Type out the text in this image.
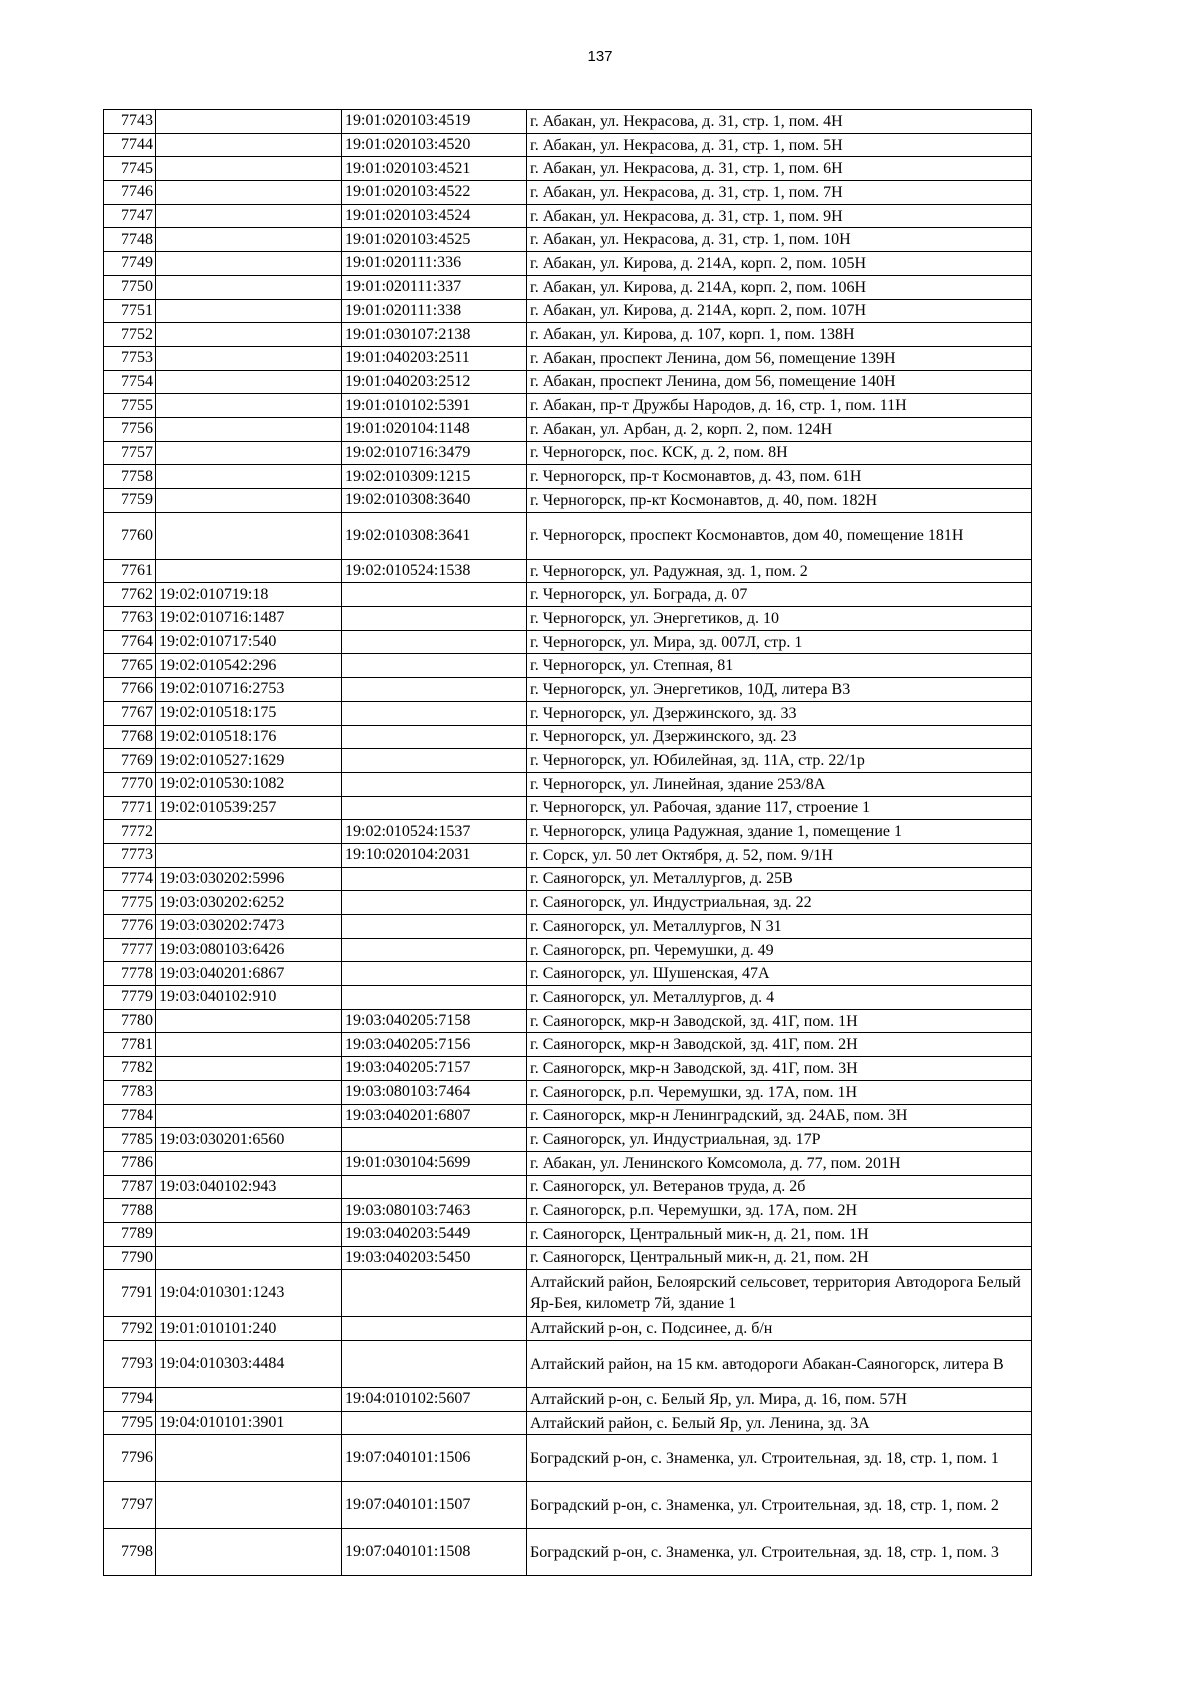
137
7743		19:01:020103:4519	г. Абакан, ул. Некрасова, д. 31, стр. 1, пом. 4Н
7744		19:01:020103:4520	г. Абакан, ул. Некрасова, д. 31, стр. 1, пом. 5Н
7745		19:01:020103:4521	г. Абакан, ул. Некрасова, д. 31, стр. 1, пом. 6Н
7746		19:01:020103:4522	г. Абакан, ул. Некрасова, д. 31, стр. 1, пом. 7Н
7747		19:01:020103:4524	г. Абакан, ул. Некрасова, д. 31, стр. 1, пом. 9Н
7748		19:01:020103:4525	г. Абакан, ул. Некрасова, д. 31, стр. 1, пом. 10Н
7749		19:01:020111:336	г. Абакан, ул. Кирова, д. 214А, корп. 2, пом. 105Н
7750		19:01:020111:337	г. Абакан, ул. Кирова, д. 214А, корп. 2, пом. 106Н
7751		19:01:020111:338	г. Абакан, ул. Кирова, д. 214А, корп. 2, пом. 107Н
7752		19:01:030107:2138	г. Абакан, ул. Кирова, д. 107, корп. 1, пом. 138Н
7753		19:01:040203:2511	г. Абакан, проспект Ленина, дом 56, помещение 139Н
7754		19:01:040203:2512	г. Абакан, проспект Ленина, дом 56, помещение 140Н
7755		19:01:010102:5391	г. Абакан, пр-т Дружбы Народов, д. 16, стр. 1, пом. 11Н
7756		19:01:020104:1148	г. Абакан, ул. Арбан, д. 2, корп. 2, пом. 124Н
7757		19:02:010716:3479	г. Черногорск, пос. КСК, д. 2, пом. 8Н
7758		19:02:010309:1215	г. Черногорск, пр-т Космонавтов, д. 43, пом. 61Н
7759		19:02:010308:3640	г. Черногорск, пр-кт Космонавтов, д. 40, пом. 182Н
7760		19:02:010308:3641	г. Черногорск, проспект Космонавтов, дом 40, помещение 181Н
7761		19:02:010524:1538	г. Черногорск, ул. Радужная, зд. 1, пом. 2
7762	19:02:010719:18		г. Черногорск, ул. Бограда, д. 07
7763	19:02:010716:1487		г. Черногорск, ул. Энергетиков, д. 10
7764	19:02:010717:540		г. Черногорск, ул. Мира, зд. 007Л, стр. 1
7765	19:02:010542:296		г. Черногорск, ул. Степная, 81
7766	19:02:010716:2753		г. Черногорск, ул. Энергетиков, 10Д, литера В3
7767	19:02:010518:175		г. Черногорск, ул. Дзержинского, зд. 33
7768	19:02:010518:176		г. Черногорск, ул. Дзержинского, зд. 23
7769	19:02:010527:1629		г. Черногорск, ул. Юбилейная, зд. 11А, стр. 22/1р
7770	19:02:010530:1082		г. Черногорск, ул. Линейная, здание 253/8А
7771	19:02:010539:257		г. Черногорск, ул. Рабочая, здание 117, строение 1
7772		19:02:010524:1537	г. Черногорск, улица Радужная, здание 1, помещение 1
7773		19:10:020104:2031	г. Сорск, ул. 50 лет Октября, д. 52, пом. 9/1Н
7774	19:03:030202:5996		г. Саяногорск, ул. Металлургов, д. 25В
7775	19:03:030202:6252		г. Саяногорск, ул. Индустриальная, зд. 22
7776	19:03:030202:7473		г. Саяногорск, ул. Металлургов, N 31
7777	19:03:080103:6426		г. Саяногорск, рп. Черемушки, д. 49
7778	19:03:040201:6867		г. Саяногорск, ул. Шушенская, 47А
7779	19:03:040102:910		г. Саяногорск, ул. Металлургов, д. 4
7780		19:03:040205:7158	г. Саяногорск, мкр-н Заводской, зд. 41Г, пом. 1Н
7781		19:03:040205:7156	г. Саяногорск, мкр-н Заводской, зд. 41Г, пом. 2Н
7782		19:03:040205:7157	г. Саяногорск, мкр-н Заводской, зд. 41Г, пом. 3Н
7783		19:03:080103:7464	г. Саяногорск, р.п. Черемушки, зд. 17А, пом. 1Н
7784		19:03:040201:6807	г. Саяногорск, мкр-н Ленинградский, зд. 24АБ, пом. 3Н
7785	19:03:030201:6560		г. Саяногорск, ул. Индустриальная, зд. 17Р
7786		19:01:030104:5699	г. Абакан, ул. Ленинского Комсомола, д. 77, пом. 201Н
7787	19:03:040102:943		г. Саяногорск, ул. Ветеранов труда, д. 2б
7788		19:03:080103:7463	г. Саяногорск, р.п. Черемушки, зд. 17А, пом. 2Н
7789		19:03:040203:5449	г. Саяногорск, Центральный мик-н, д. 21, пом. 1Н
7790		19:03:040203:5450	г. Саяногорск, Центральный мик-н, д. 21, пом. 2Н
7791	19:04:010301:1243		Алтайский район, Белоярский сельсовет, территория Автодорога Белый Яр-Бея, километр 7й, здание 1
7792	19:01:010101:240		Алтайский р-он, с. Подсинее, д. б/н
7793	19:04:010303:4484		Алтайский район, на 15 км. автодороги Абакан-Саяногорск, литера В
7794		19:04:010102:5607	Алтайский р-он, с. Белый Яр, ул. Мира, д. 16, пом. 57Н
7795	19:04:010101:3901		Алтайский район, с. Белый Яр, ул. Ленина, зд. 3А
7796		19:07:040101:1506	Боградский р-он, с. Знаменка, ул. Строительная, зд. 18, стр. 1, пом. 1
7797		19:07:040101:1507	Боградский р-он, с. Знаменка, ул. Строительная, зд. 18, стр. 1, пом. 2
7798		19:07:040101:1508	Боградский р-он, с. Знаменка, ул. Строительная, зд. 18, стр. 1, пом. 3
